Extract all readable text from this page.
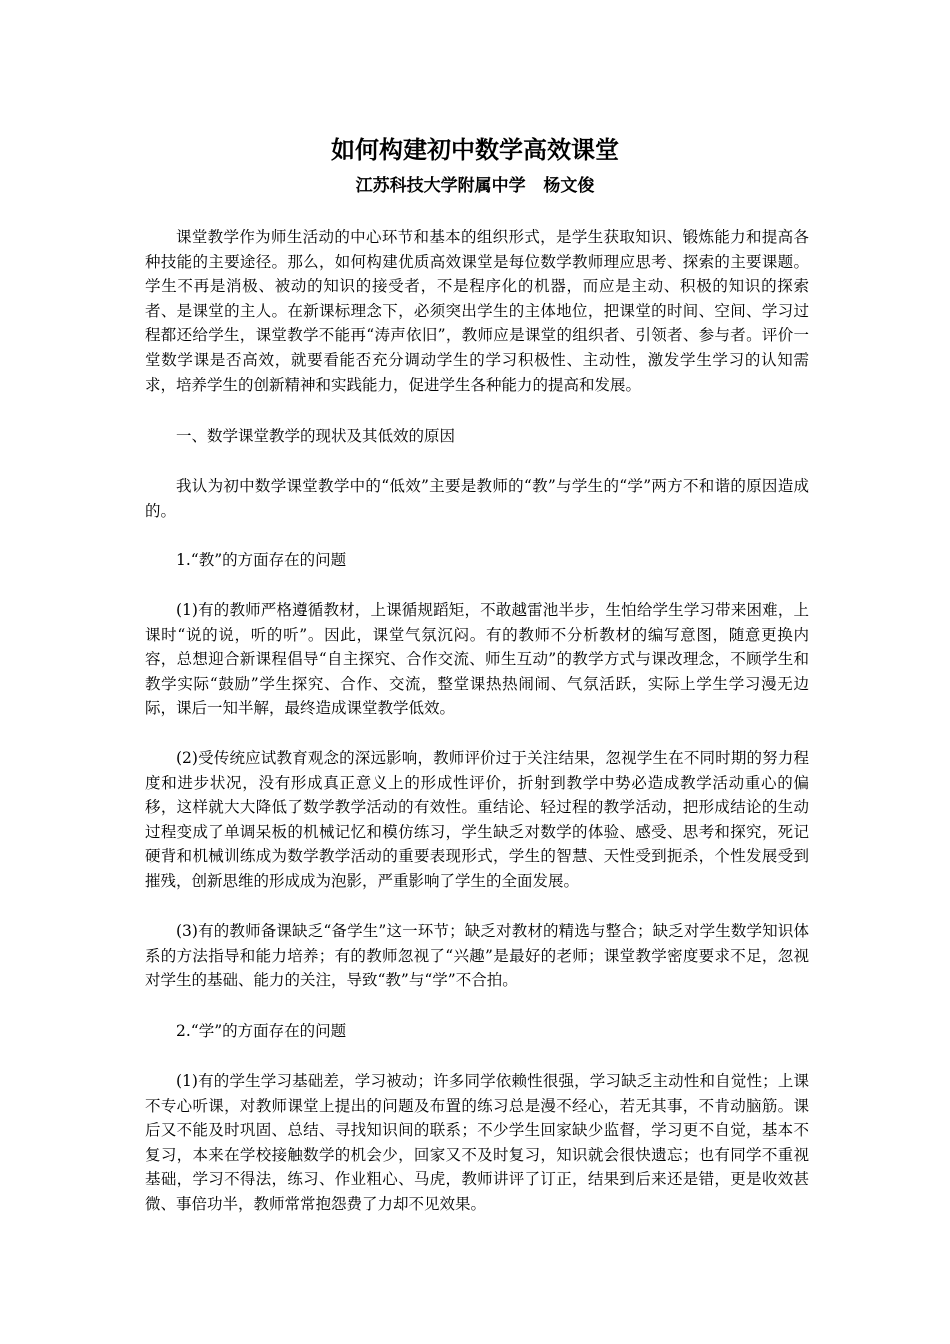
如何构建初中数学高效课堂
江苏科技大学附属中学   杨文俊
课堂教学作为师生活动的中心环节和基本的组织形式，是学生获取知识、锻炼能力和提高各种技能的主要途径。那么，如何构建优质高效课堂是每位数学教师理应思考、探索的主要课题。学生不再是消极、被动的知识的接受者，不是程序化的机器，而应是主动、积极的知识的探索者、是课堂的主人。在新课标理念下，必须突出学生的主体地位，把课堂的时间、空间、学习过程都还给学生，课堂教学不能再“涛声依旧”，教师应是课堂的组织者、引领者、参与者。评价一堂数学课是否高效，就要看能否充分调动学生的学习积极性、主动性，激发学生学习的认知需求，培养学生的创新精神和实践能力，促进学生各种能力的提高和发展。
一、数学课堂教学的现状及其低效的原因
我认为初中数学课堂教学中的“低效”主要是教师的“教”与学生的“学”两方不和谐的原因造成的。
1.“教”的方面存在的问题
(1)有的教师严格遵循教材，上课循规蹈矩，不敢越雷池半步，生怕给学生学习带来困难，上课时“说的说，听的听”。因此，课堂气氛沉闷。有的教师不分析教材的编写意图，随意更换内容，总想迎合新课程倡导“自主探究、合作交流、师生互动”的教学方式与课改理念，不顾学生和教学实际“鼓励”学生探究、合作、交流，整堂课热热闹闹、气氛活跃，实际上学生学习漫无边际，课后一知半解，最终造成课堂教学低效。
(2)受传统应试教育观念的深远影响，教师评价过于关注结果，忽视学生在不同时期的努力程度和进步状况，没有形成真正意义上的形成性评价，折射到教学中势必造成教学活动重心的偏移，这样就大大降低了数学教学活动的有效性。重结论、轻过程的教学活动，把形成结论的生动过程变成了单调呆板的机械记忆和模仿练习，学生缺乏对数学的体验、感受、思考和探究，死记硬背和机械训练成为数学教学活动的重要表现形式，学生的智慧、天性受到扼杀，个性发展受到摧残，创新思维的形成成为泡影，严重影响了学生的全面发展。
(3)有的教师备课缺乏“备学生”这一环节；缺乏对教材的精选与整合；缺乏对学生数学知识体系的方法指导和能力培养；有的教师忽视了“兴趣”是最好的老师；课堂教学密度要求不足，忽视对学生的基础、能力的关注，导致“教”与“学”不合拍。
2.“学”的方面存在的问题
(1)有的学生学习基础差，学习被动；许多同学依赖性很强，学习缺乏主动性和自觉性；上课不专心听课，对教师课堂上提出的问题及布置的练习总是漫不经心，若无其事，不肯动脑筋。课后又不能及时巩固、总结、寻找知识间的联系；不少学生回家缺少监督，学习更不自觉，基本不复习，本来在学校接触数学的机会少，回家又不及时复习，知识就会很快遗忘；也有同学不重视基础，学习不得法，练习、作业粗心、马虎，教师讲评了订正，结果到后来还是错，更是收效甚微、事倍功半，教师常常抱怨费了力却不见效果。
